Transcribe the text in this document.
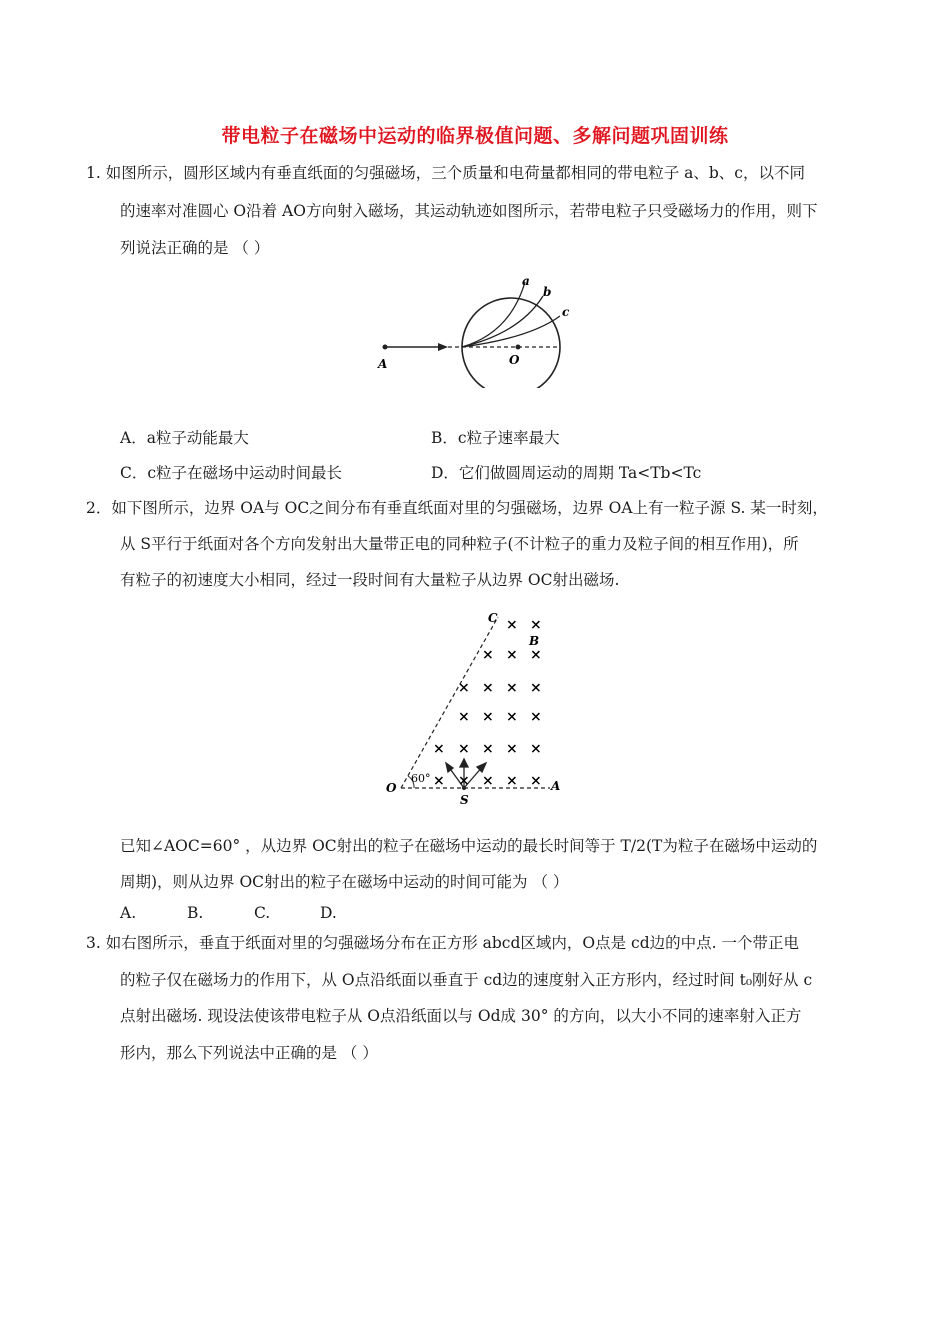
带电粒子在磁场中运动的临界极值问题、多解问题巩固训练
1. 如图所示，圆形区域内有垂直纸面的匀强磁场，三个质量和电荷量都相同的带电粒子 a、b、c，以不同
的速率对准圆心 O沿着 AO方向射入磁场，其运动轨迹如图所示，若带电粒子只受磁场力的作用，则下
列说法正确的是 （ ）
A	O
a
b
c
A．a粒子动能最大	B．c粒子速率最大
C．c粒子在磁场中运动时间最长	D．它们做圆周运动的周期 Ta<Tb<Tc
2．如下图所示，边界 OA与 OC之间分布有垂直纸面对里的匀强磁场，边界 OA上有一粒子源 S. 某一时刻，
从 S平行于纸面对各个方向发射出大量带正电的同种粒子(不计粒子的重力及粒子间的相互作用)，所
有粒子的初速度大小相同，经过一段时间有大量粒子从边界 OC射出磁场.
× ×
× × ×
× × × ×
× × × ×
× × × × ×
× × × × ×
C
B
O
S
A
60°
已知∠AOC=60° ，从边界 OC射出的粒子在磁场中运动的最长时间等于 T/2(T为粒子在磁场中运动的
周期)，则从边界 OC射出的粒子在磁场中运动的时间可能为 （ ）
A.	B.	C.	D.
3. 如右图所示，垂直于纸面对里的匀强磁场分布在正方形 abcd区域内，O点是 cd边的中点. 一个带正电
的粒子仅在磁场力的作用下，从 O点沿纸面以垂直于 cd边的速度射入正方形内，经过时间 t₀刚好从 c
点射出磁场. 现设法使该带电粒子从 O点沿纸面以与 Od成 30° 的方向，以大小不同的速率射入正方
形内，那么下列说法中正确的是 （ ）
